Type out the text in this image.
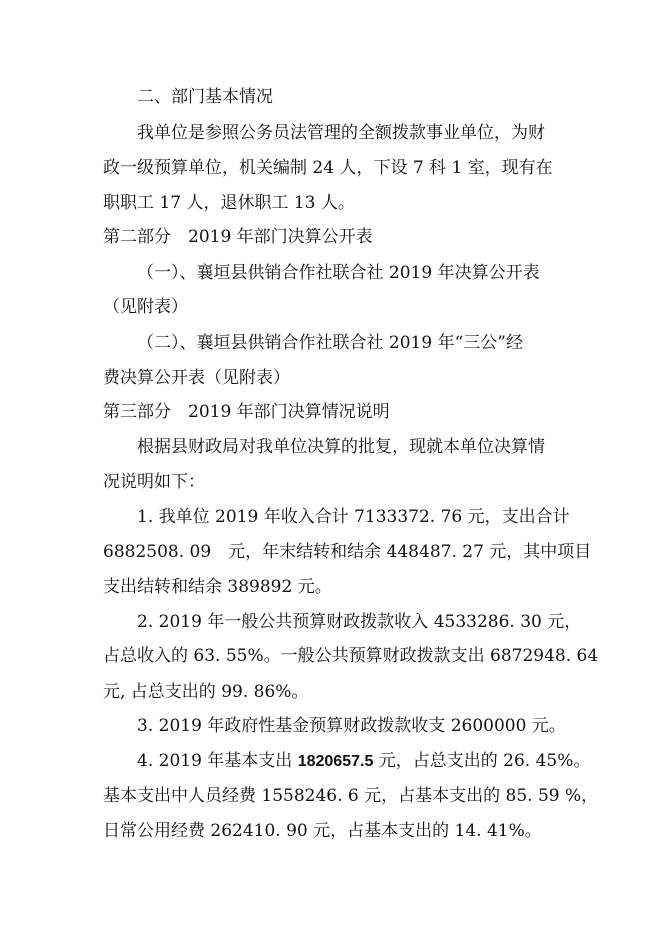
二、部门基本情况
我单位是参照公务员法管理的全额拨款事业单位，为财
政一级预算单位，机关编制 24 人，下设 7 科 1 室，现有在
职职工 17 人，退休职工 13 人。
第二部分　2019 年部门决算公开表
（一）、襄垣县供销合作社联合社 2019 年决算公开表
（见附表）
（二）、襄垣县供销合作社联合社 2019 年“三公”经
费决算公开表（见附表）
第三部分　2019 年部门决算情况说明
根据县财政局对我单位决算的批复，现就本单位决算情
况说明如下：
1. 我单位 2019 年收入合计 7133372. 76 元，支出合计
6882508. 09　元，年末结转和结余 448487. 27 元，其中项目
支出结转和结余 389892 元。
2. 2019 年一般公共预算财政拨款收入 4533286. 30 元，
占总收入的 63. 55%。一般公共预算财政拨款支出 6872948. 64
元, 占总支出的 99. 86%。
3. 2019 年政府性基金预算财政拨款收支 2600000 元。
4. 2019 年基本支出 1820657.5 元，占总支出的 26. 45%。
基本支出中人员经费 1558246. 6 元，占基本支出的 85. 59 %，
日常公用经费 262410. 90 元，占基本支出的 14. 41%。
